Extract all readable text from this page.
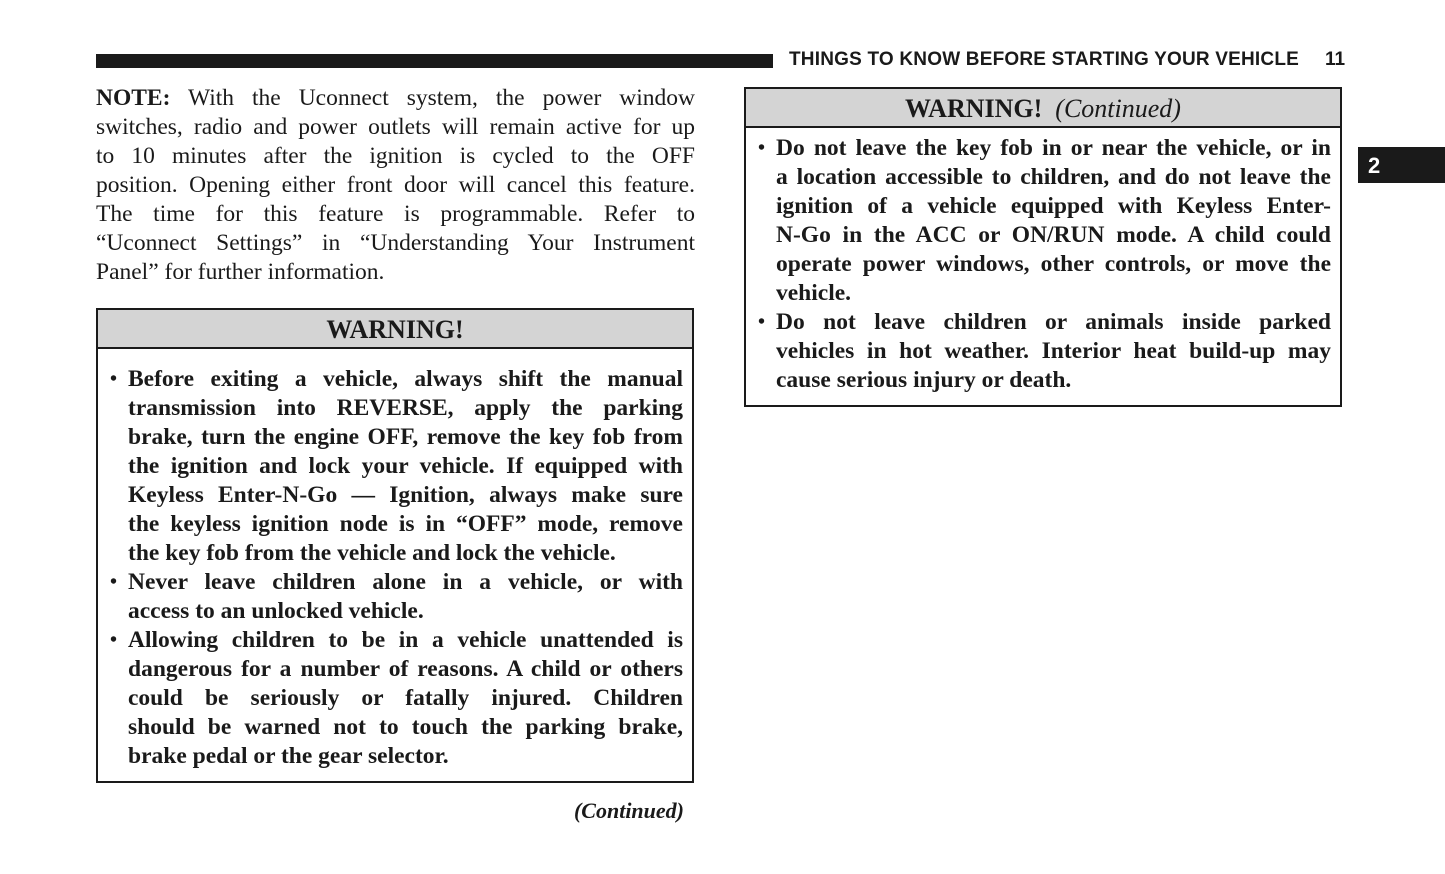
THINGS TO KNOW BEFORE STARTING YOUR VEHICLE 11
2
NOTE: With the Uconnect system, the power window
switches, radio and power outlets will remain active for up
to 10 minutes after the ignition is cycled to the OFF
position. Opening either front door will cancel this feature.
The time for this feature is programmable. Refer to
“Uconnect Settings” in “Understanding Your Instrument
Panel” for further information.
WARNING!
• Before exiting a vehicle, always shift the manual
transmission into REVERSE, apply the parking
brake, turn the engine OFF, remove the key fob from
the ignition and lock your vehicle. If equipped with
Keyless Enter-N-Go — Ignition, always make sure
the keyless ignition node is in “OFF” mode, remove
the key fob from the vehicle and lock the vehicle.
• Never leave children alone in a vehicle, or with
access to an unlocked vehicle.
• Allowing children to be in a vehicle unattended is
dangerous for a number of reasons. A child or others
could be seriously or fatally injured. Children
should be warned not to touch the parking brake,
brake pedal or the gear selector.
(Continued)
WARNING! (Continued)
• Do not leave the key fob in or near the vehicle, or in
a location accessible to children, and do not leave the
ignition of a vehicle equipped with Keyless Enter-
N-Go in the ACC or ON/RUN mode. A child could
operate power windows, other controls, or move the
vehicle.
• Do not leave children or animals inside parked
vehicles in hot weather. Interior heat build-up may
cause serious injury or death.
